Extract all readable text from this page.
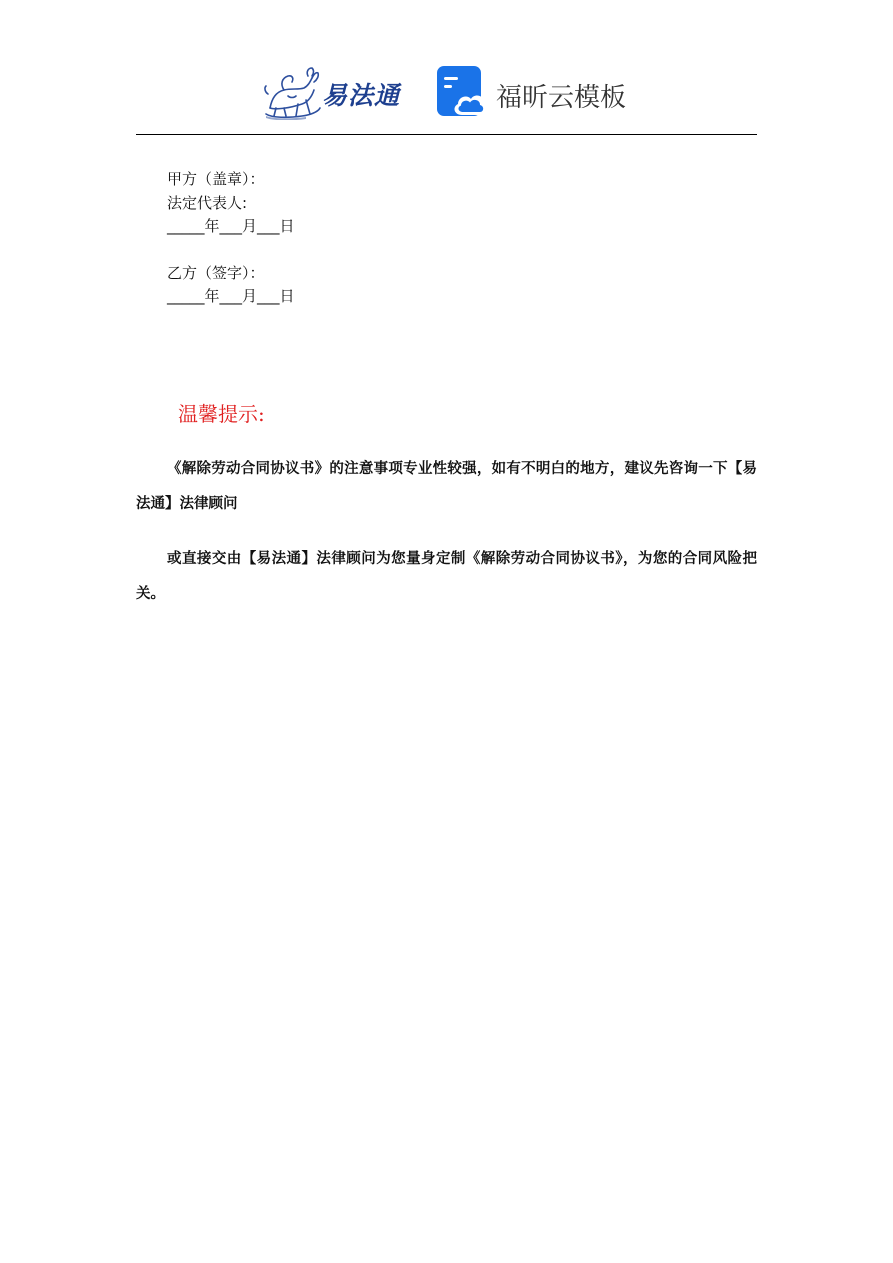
易法通	福昕云模板
甲方（盖章）：
法定代表人:
_____年___月___日
乙方（签字）：
_____年___月___日
温馨提示:
《解除劳动合同协议书》的注意事项专业性较强，如有不明白的地方，建议先咨询一下【易法通】法律顾问
或直接交由【易法通】法律顾问为您量身定制《解除劳动合同协议书》，为您的合同风险把关。
